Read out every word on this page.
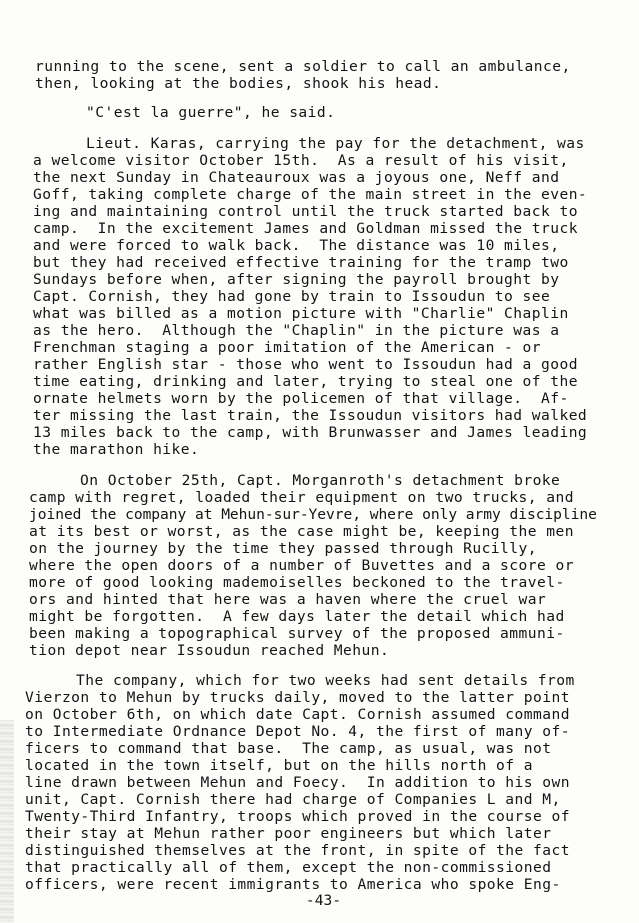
running to the scene, sent a soldier to call an ambulance,
then, looking at the bodies, shook his head.
"C'est la guerre", he said.
Lieut. Karas, carrying the pay for the detachment, was
a welcome visitor October 15th.  As a result of his visit,
the next Sunday in Chateauroux was a joyous one, Neff and
Goff, taking complete charge of the main street in the even-
ing and maintaining control until the truck started back to
camp.  In the excitement James and Goldman missed the truck
and were forced to walk back.  The distance was 10 miles,
but they had received effective training for the tramp two
Sundays before when, after signing the payroll brought by
Capt. Cornish, they had gone by train to Issoudun to see
what was billed as a motion picture with "Charlie" Chaplin
as the hero.  Although the "Chaplin" in the picture was a
Frenchman staging a poor imitation of the American - or
rather English star - those who went to Issoudun had a good
time eating, drinking and later, trying to steal one of the
ornate helmets worn by the policemen of that village.  Af-
ter missing the last train, the Issoudun visitors had walked
13 miles back to the camp, with Brunwasser and James leading
the marathon hike.
On October 25th, Capt. Morganroth's detachment broke
camp with regret, loaded their equipment on two trucks, and
joined the company at Mehun-sur-Yevre, where only army discipline
at its best or worst, as the case might be, keeping the men
on the journey by the time they passed through Rucilly,
where the open doors of a number of Buvettes and a score or
more of good looking mademoiselles beckoned to the travel-
ors and hinted that here was a haven where the cruel war
might be forgotten.  A few days later the detail which had
been making a topographical survey of the proposed ammuni-
tion depot near Issoudun reached Mehun.
The company, which for two weeks had sent details from
Vierzon to Mehun by trucks daily, moved to the latter point
on October 6th, on which date Capt. Cornish assumed command
to Intermediate Ordnance Depot No. 4, the first of many of-
ficers to command that base.  The camp, as usual, was not
located in the town itself, but on the hills north of a
line drawn between Mehun and Foecy.  In addition to his own
unit, Capt. Cornish there had charge of Companies L and M,
Twenty-Third Infantry, troops which proved in the course of
their stay at Mehun rather poor engineers but which later
distinguished themselves at the front, in spite of the fact
that practically all of them, except the non-commissioned
officers, were recent immigrants to America who spoke Eng-
-43-
